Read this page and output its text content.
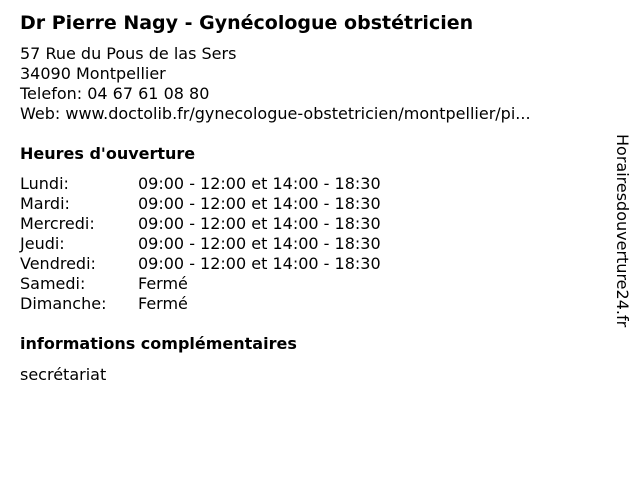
Dr Pierre Nagy - Gynécologue obstétricien
57 Rue du Pous de las Sers
34090 Montpellier
Telefon: 04 67 61 08 80
Web: www.doctolib.fr/gynecologue-obstetricien/montpellier/pi...
Heures d'ouverture
Lundi:	09:00 - 12:00 et 14:00 - 18:30
Mardi:	09:00 - 12:00 et 14:00 - 18:30
Mercredi:	09:00 - 12:00 et 14:00 - 18:30
Jeudi:	09:00 - 12:00 et 14:00 - 18:30
Vendredi:	09:00 - 12:00 et 14:00 - 18:30
Samedi:	Fermé
Dimanche: Fermé
informations complémentaires
secrétariat
Horairesdouverture24.fr
